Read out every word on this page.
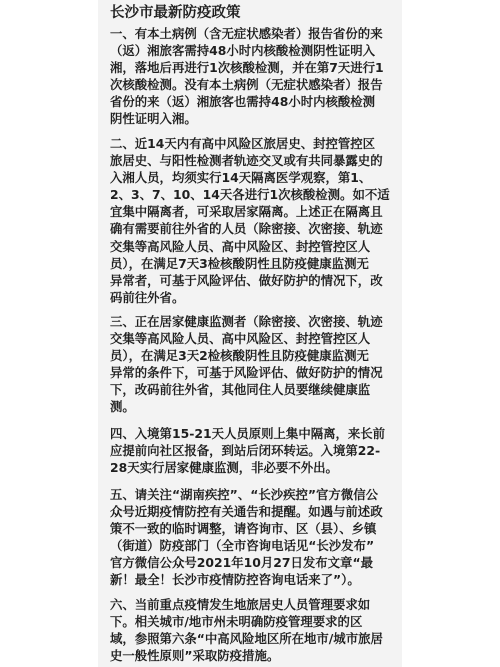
长沙市最新防疫政策
一、有本土病例（含无症状感染者）报告省份的来
（返）湘旅客需持48小时内核酸检测阴性证明入
湘，落地后再进行1次核酸检测，并在第7天进行1
次核酸检测。没有本土病例（无症状感染者）报告
省份的来（返）湘旅客也需持48小时内核酸检测
阴性证明入湘。
二、近14天内有高中风险区旅居史、封控管控区
旅居史、与阳性检测者轨迹交叉或有共同暴露史的
入湘人员，均须实行14天隔离医学观察，第1、
2、3、7、10、14天各进行1次核酸检测。如不适
宜集中隔离者，可采取居家隔离。上述正在隔离且
确有需要前往外省的人员（除密接、次密接、轨迹
交集等高风险人员、高中风险区、封控管控区人
员），在满足7天3检核酸阴性且防疫健康监测无
异常者，可基于风险评估、做好防护的情况下，改
码前往外省。
三、正在居家健康监测者（除密接、次密接、轨迹
交集等高风险人员、高中风险区、封控管控区人
员），在满足3天2检核酸阴性且防疫健康监测无
异常的条件下，可基于风险评估、做好防护的情况
下，改码前往外省，其他同住人员要继续健康监
测。
四、入境第15-21天人员原则上集中隔离，来长前
应提前向社区报备，到站后闭环转运。入境第22-
28天实行居家健康监测，非必要不外出。
五、请关注“湖南疾控”、“长沙疾控”官方微信公
众号近期疫情防控有关通告和提醒。如遇与前述政
策不一致的临时调整，请咨询市、区（县）、乡镇
（街道）防疫部门（全市咨询电话见“长沙发布”
官方微信公众号2021年10月27日发布文章“最
新！最全！长沙市疫情防控咨询电话来了”）。
六、当前重点疫情发生地旅居史人员管理要求如
下。相关城市/地市州未明确防疫管理要求的区
域，参照第六条“中高风险地区所在地市/城市旅居
史一般性原则”采取防疫措施。
